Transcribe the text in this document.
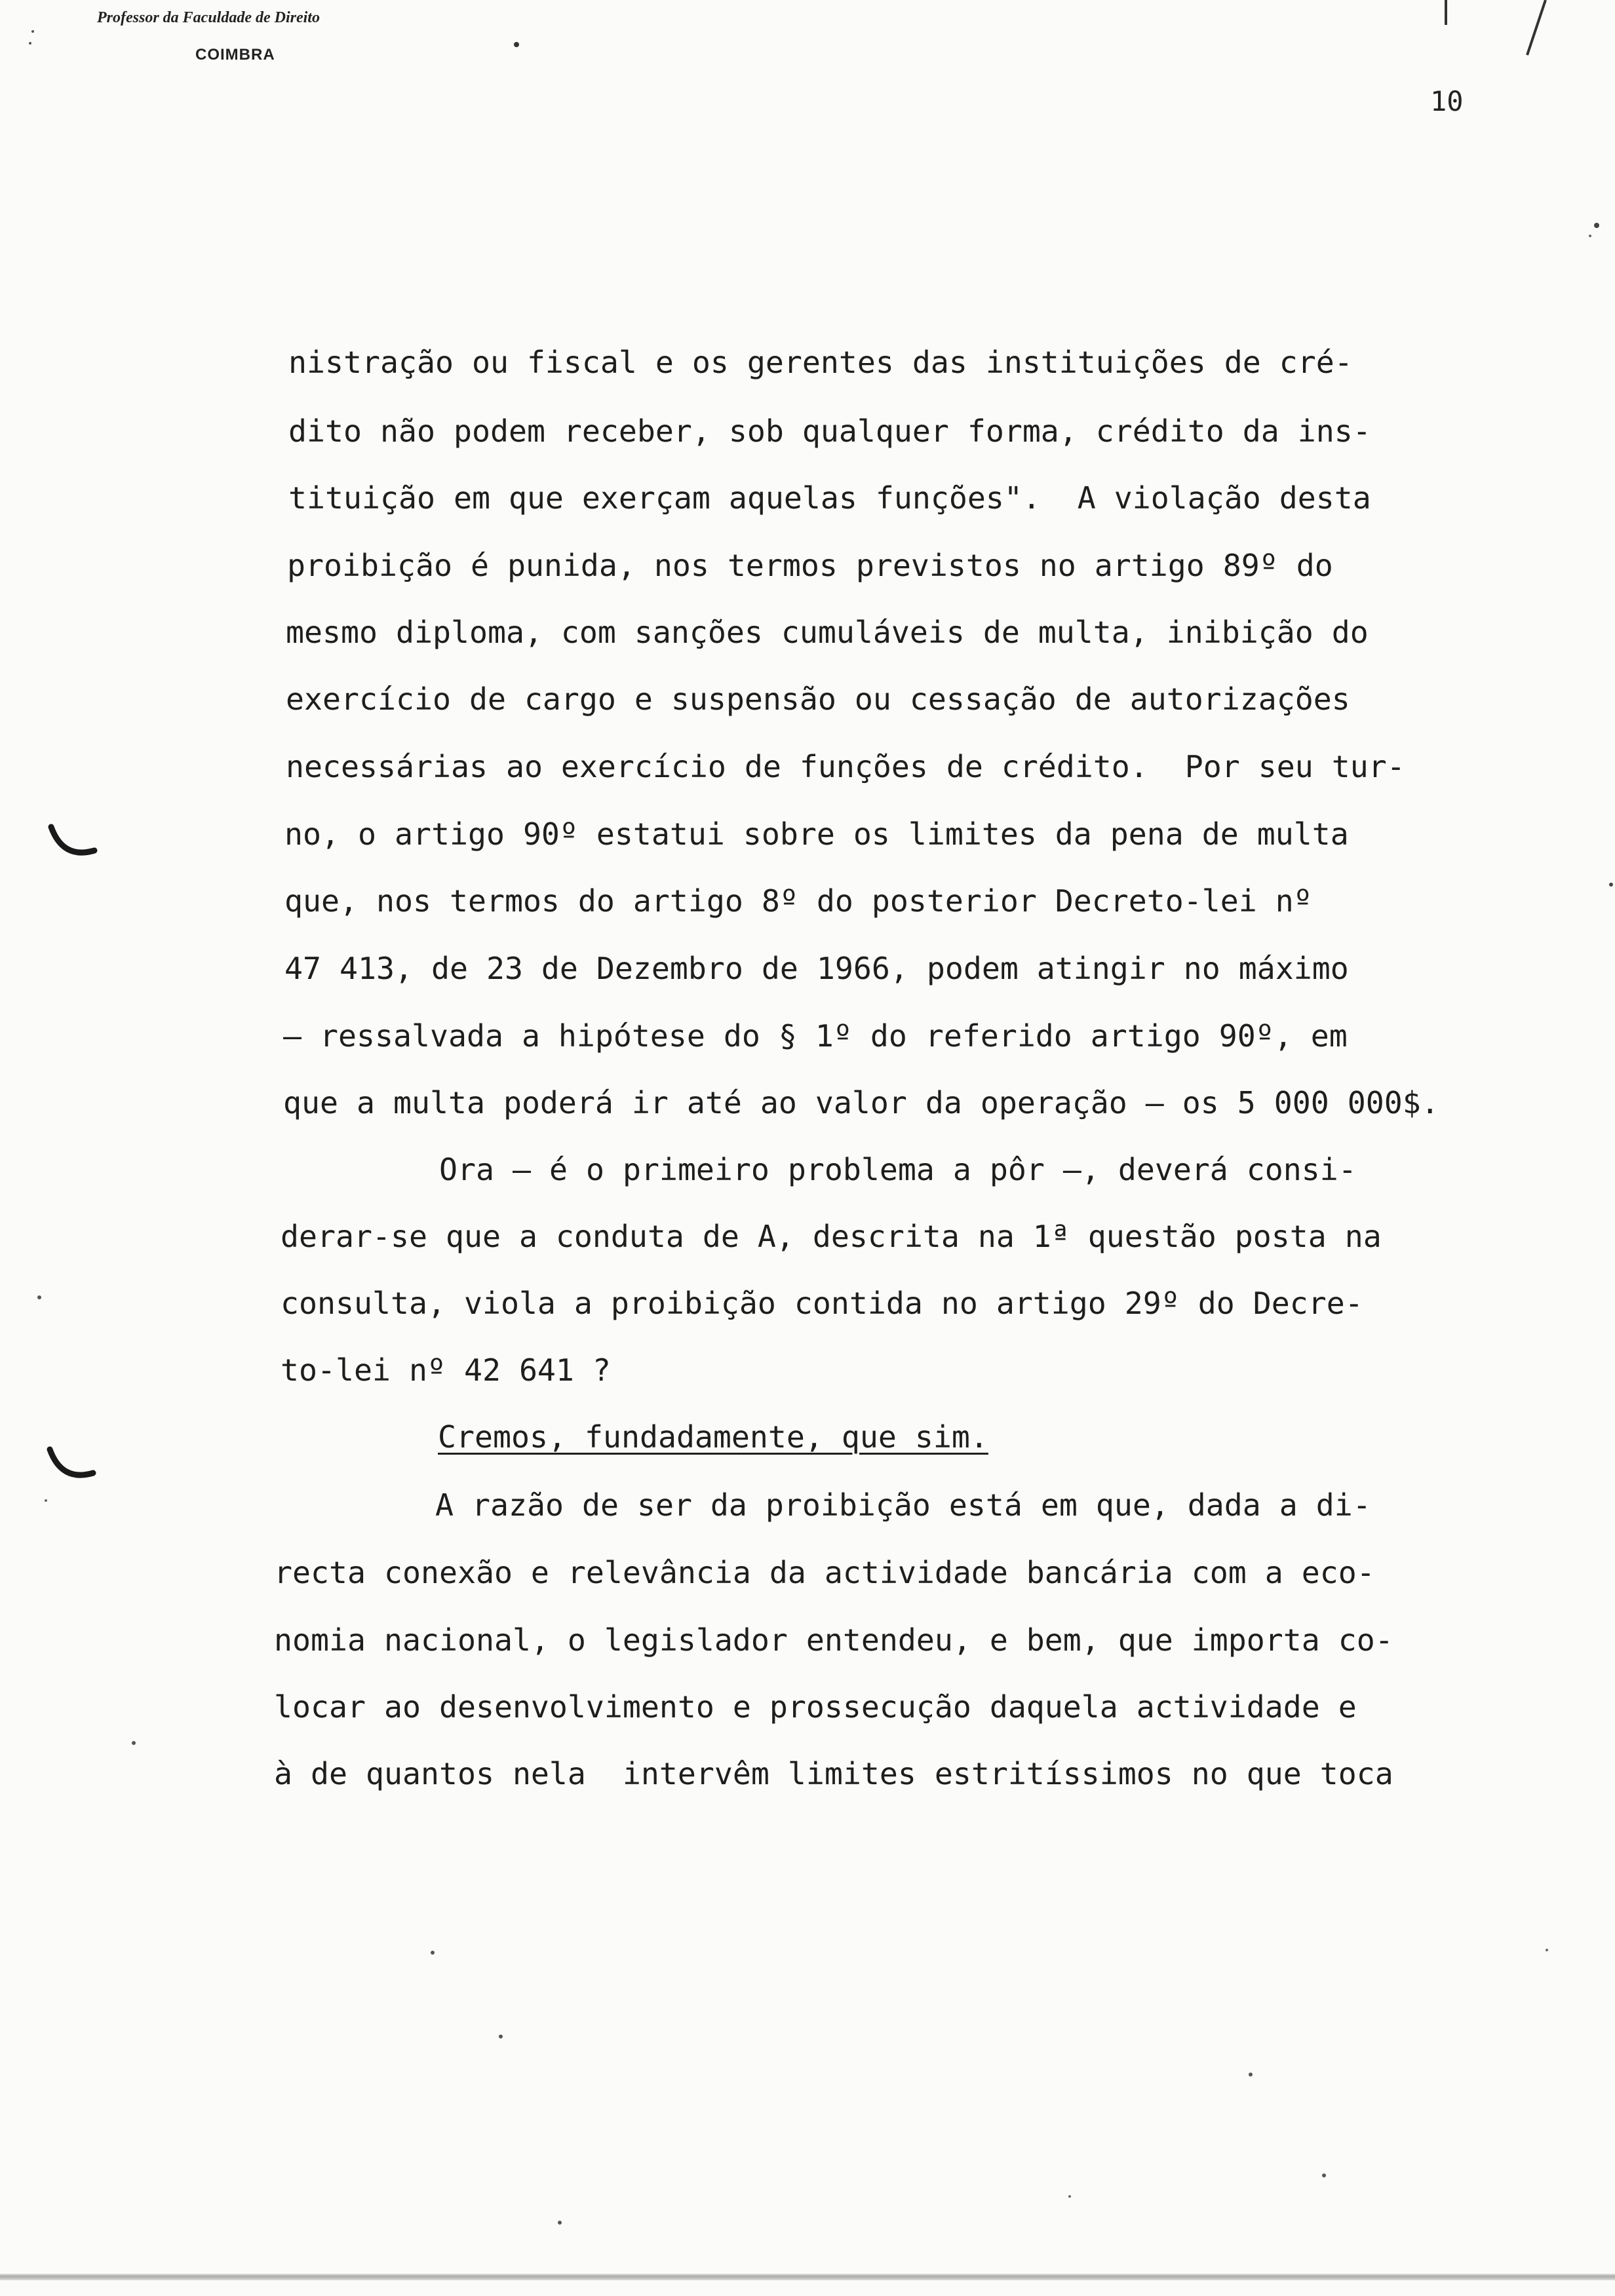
Professor da Faculdade de Direito
COIMBRA
10
nistração ou fiscal e os gerentes das instituições de cré-
dito não podem receber, sob qualquer forma, crédito da ins-
tituição em que exerçam aquelas funções".  A violação desta
proibição é punida, nos termos previstos no artigo 89º do
mesmo diploma, com sanções cumuláveis de multa, inibição do
exercício de cargo e suspensão ou cessação de autorizações
necessárias ao exercício de funções de crédito.  Por seu tur-
no, o artigo 90º estatui sobre os limites da pena de multa
que, nos termos do artigo 8º do posterior Decreto-lei nº
47 413, de 23 de Dezembro de 1966, podem atingir no máximo
— ressalvada a hipótese do § 1º do referido artigo 90º, em
que a multa poderá ir até ao valor da operação — os 5 000 000$.
Ora — é o primeiro problema a pôr —, deverá consi-
derar-se que a conduta de A, descrita na 1ª questão posta na
consulta, viola a proibição contida no artigo 29º do Decre-
to-lei nº 42 641 ?
Cremos, fundadamente, que sim.
A razão de ser da proibição está em que, dada a di-
recta conexão e relevância da actividade bancária com a eco-
nomia nacional, o legislador entendeu, e bem, que importa co-
locar ao desenvolvimento e prossecução daquela actividade e
à de quantos nela  intervêm limites estritíssimos no que toca
